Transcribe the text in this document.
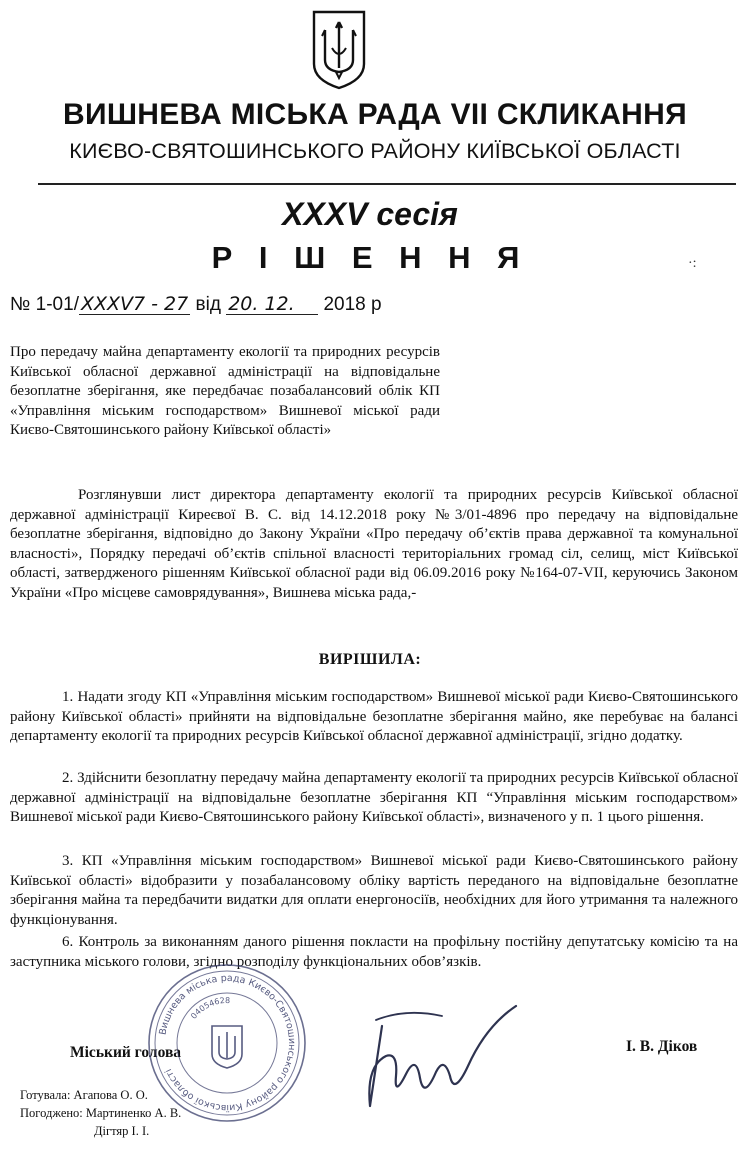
ВИШНЕВА МІСЬКА РАДА VII СКЛИКАННЯ
КИЄВО-СВЯТОШИНСЬКОГО РАЙОНУ КИЇВСЬКОЇ ОБЛАСТІ
XXXV сесія
Р І Ш Е Н Н Я	·:
№ 1-01/ XXXV7 - 27 від 20. 12. 2018 р
Про передачу майна департаменту екології та природних ресурсів Київської обласної державної адміністрації на відповідальне безоплатне зберігання, яке передбачає позабалансовий облік КП «Управління міським господарством» Вишневої міської ради Києво-Святошинського району Київської області»
Розглянувши лист директора департаменту екології та природних ресурсів Київської обласної державної адміністрації Киреєвої В. С. від 14.12.2018 року №3/01-4896 про передачу на відповідальне безоплатне зберігання, відповідно до Закону України «Про передачу об’єктів права державної та комунальної власності», Порядку передачі об’єктів спільної власності територіальних громад сіл, селищ, міст Київської області, затвердженого рішенням Київської обласної ради від 06.09.2016 року №164-07-VII, керуючись Законом України «Про місцеве самоврядування», Вишнева міська рада,-
ВИРІШИЛА:
1. Надати згоду КП «Управління міським господарством» Вишневої міської ради Києво-Святошинського району Київської області» прийняти на відповідальне безоплатне зберігання майно, яке перебуває на балансі департаменту екології та природних ресурсів Київської обласної державної адміністрації, згідно додатку.
2. Здійснити безоплатну передачу майна департаменту екології та природних ресурсів Київської обласної державної адміністрації на відповідальне безоплатне зберігання КП “Управління міським господарством» Вишневої міської ради Києво-Святошинського району Київської області», визначеного у п. 1 цього рішення.
3. КП «Управління міським господарством» Вишневої міської ради Києво-Святошинського району Київської області» відобразити у позабалансовому обліку вартість переданого на відповідальне безоплатне зберігання майна та передбачити видатки для оплати енергоносіїв, необхідних для його утримання та належного функціонування.
6. Контроль за виконанням даного рішення покласти на профільну постійну депутатську комісію та на заступника міського голови, згідно розподілу функціональних обов’язків.
Міський голова	І. В. Діков
Готувала: Агапова О. О.
Погоджено: Мартиненко А. В.
Дігтяр І. І.
Вишнева міська рада Києво-Святошинського району Київської області
04054628
